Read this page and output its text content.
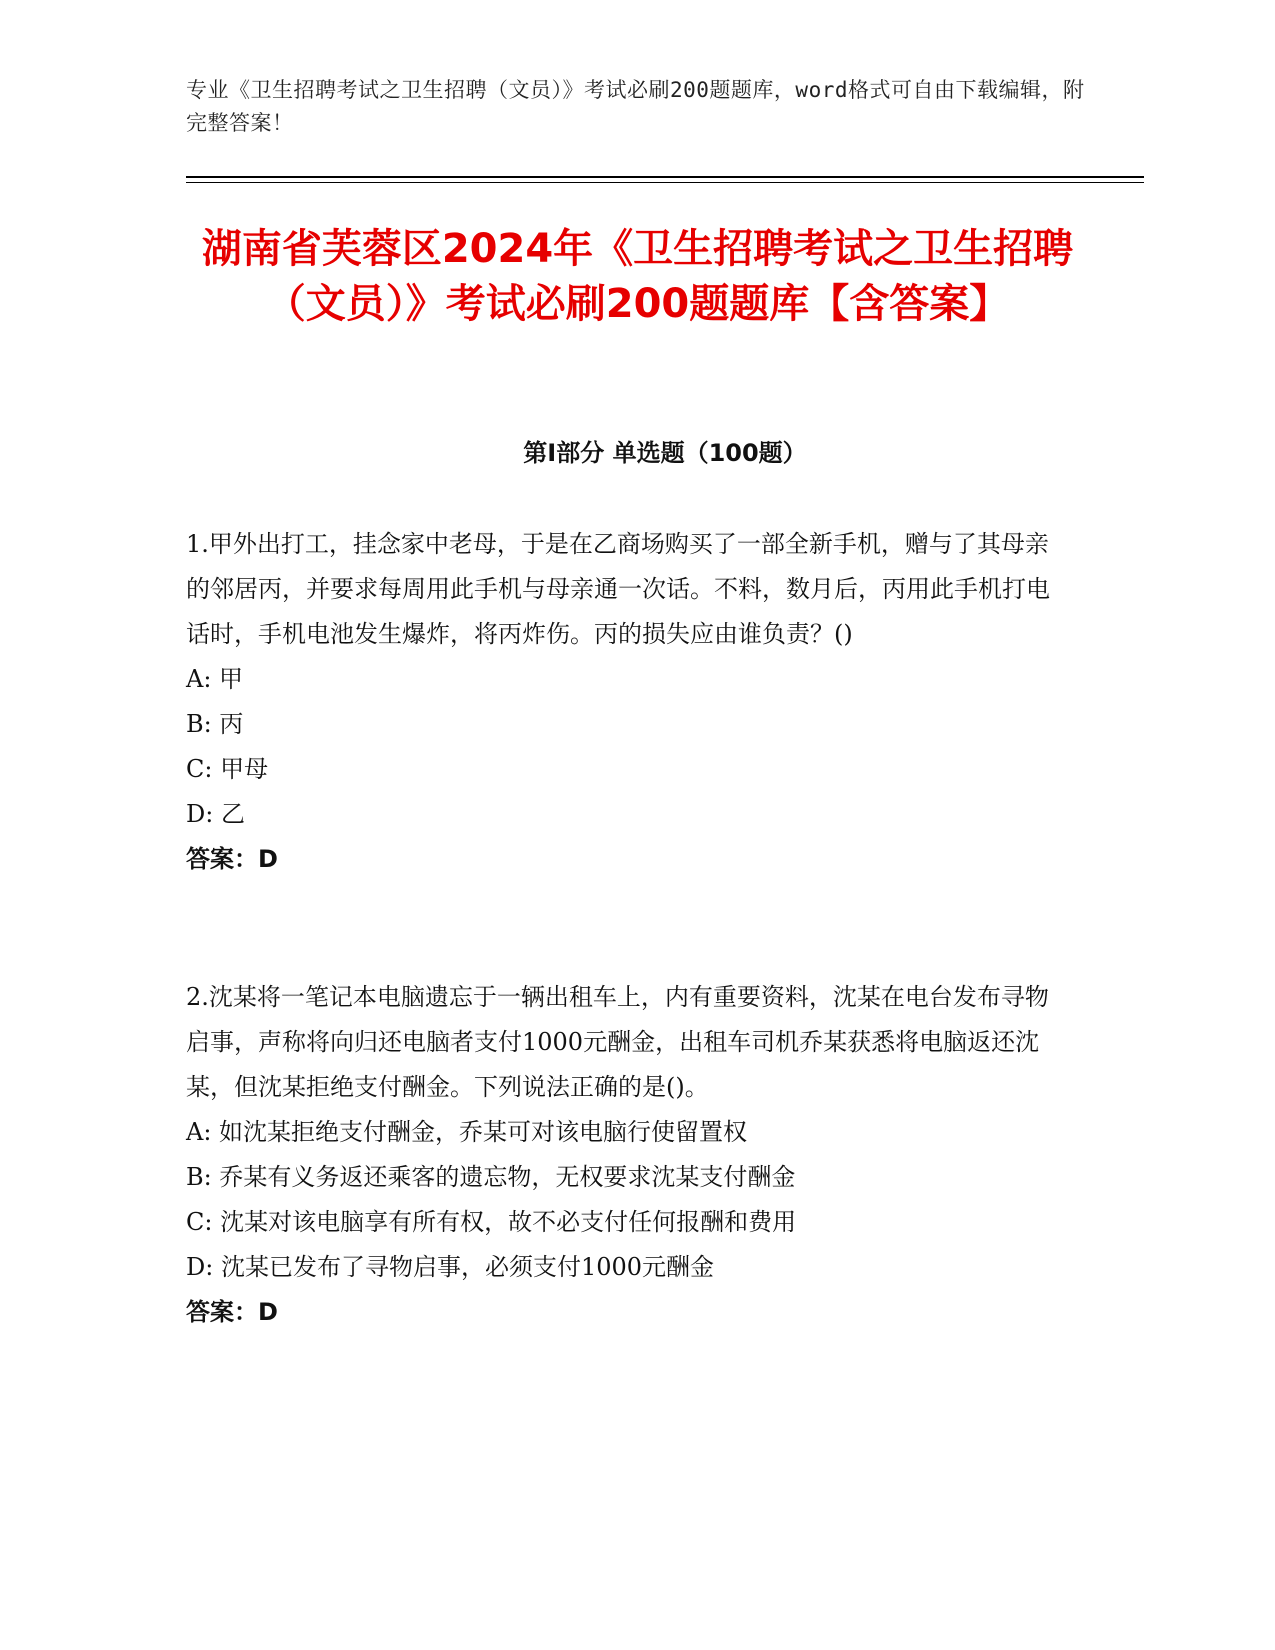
专业《卫生招聘考试之卫生招聘（文员）》考试必刷200题题库，word格式可自由下载编辑，附完整答案！
湖南省芙蓉区2024年《卫生招聘考试之卫生招聘（文员）》考试必刷200题题库【含答案】
第Ⅰ部分 单选题（100题）

1.甲外出打工，挂念家中老母，于是在乙商场购买了一部全新手机，赠与了其母亲的邻居丙，并要求每周用此手机与母亲通一次话。不料，数月后，丙用此手机打电话时，手机电池发生爆炸，将丙炸伤。丙的损失应由谁负责？()

A: 甲

B: 丙

C: 甲母

D: 乙

答案：D

2.沈某将一笔记本电脑遗忘于一辆出租车上，内有重要资料，沈某在电台发布寻物启事，声称将向归还电脑者支付1000元酬金，出租车司机乔某获悉将电脑返还沈某，但沈某拒绝支付酬金。下列说法正确的是()。

A: 如沈某拒绝支付酬金，乔某可对该电脑行使留置权

B: 乔某有义务返还乘客的遗忘物，无权要求沈某支付酬金

C: 沈某对该电脑享有所有权，故不必支付任何报酬和费用

D: 沈某已发布了寻物启事，必须支付1000元酬金

答案：D
